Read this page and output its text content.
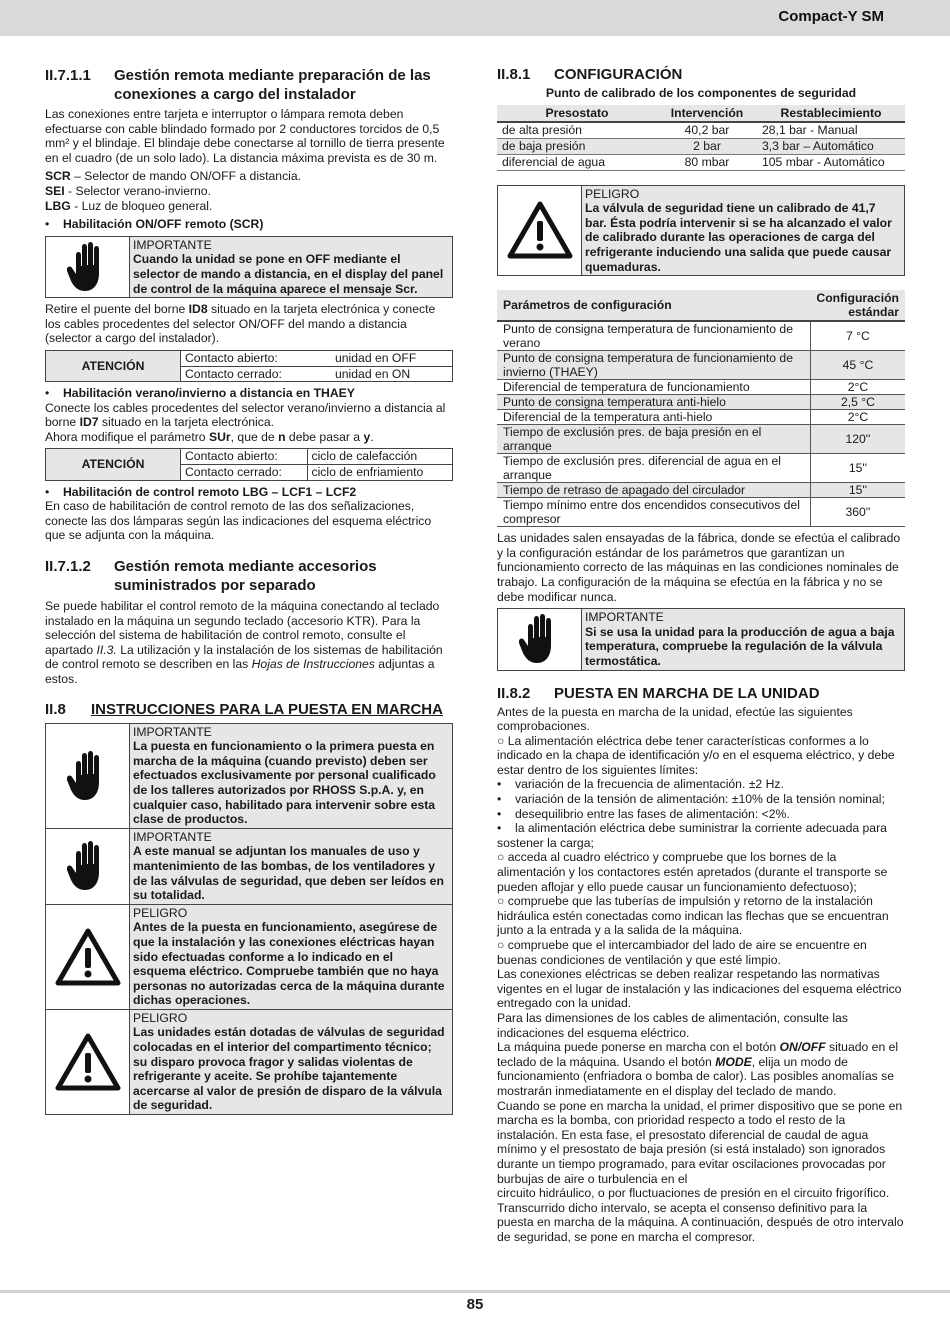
Compact-Y SM
II.7.1.1	Gestión remota mediante preparación de las conexiones a cargo del instalador

Las conexiones entre tarjeta e interruptor o lámpara remota deben efectuarse con cable blindado formado por 2 conductores torcidos de 0,5 mm² y el blindaje. El blindaje debe conectarse al tornillo de tierra presente en el cuadro (de un solo lado). La distancia máxima prevista es de 30 m.

SCR – Selector de mando ON/OFF a distancia.

SEI - Selector verano-invierno.

LBG - Luz de bloqueo general.

•	Habilitación ON/OFF remoto (SCR)
IMPORTANTE
Cuando la unidad se pone en OFF mediante el selector de mando a distancia, en el display del panel de control de la máquina aparece el mensaje Scr.

Retire el puente del borne ID8 situado en la tarjeta electrónica y conecte los cables procedentes del selector ON/OFF del mando a distancia (selector a cargo del instalador).

ATENCIÓN
Contacto abierto:	unidad en OFF
Contacto cerrado:	unidad en ON
•	Habilitación verano/invierno a distancia en THAEY

Conecte los cables procedentes del selector verano/invierno a distancia al borne ID7 situado en la tarjeta electrónica.

Ahora modifique el parámetro SUr, que de n debe pasar a y.

ATENCIÓN
Contacto abierto:	ciclo de calefacción
Contacto cerrado:	ciclo de enfriamiento
•	Habilitación de control remoto LBG – LCF1 – LCF2

En caso de habilitación de control remoto de las dos señalizaciones, conecte las dos lámparas según las indicaciones del esquema eléctrico que se adjunta con la máquina.

II.7.1.2	Gestión remota mediante accesorios suministrados por separado

Se puede habilitar el control remoto de la máquina conectando al teclado instalado en la máquina un segundo teclado (accesorio KTR). Para la selección del sistema de habilitación de control remoto, consulte el apartado II.3. La utilización y la instalación de los sistemas de habilitación de control remoto se describen en las Hojas de Instrucciones adjuntas a estos.

II.8	INSTRUCCIONES PARA LA PUESTA EN MARCHA
IMPORTANTE
La puesta en funcionamiento o la primera puesta en marcha de la máquina (cuando previsto) deben ser efectuados exclusivamente por personal cualificado de los talleres autorizados por RHOSS S.p.A. y, en cualquier caso, habilitado para intervenir sobre esta clase de productos.
IMPORTANTE
A este manual se adjuntan los manuales de uso y mantenimiento de las bombas, de los ventiladores y de las válvulas de seguridad, que deben ser leídos en su totalidad.
PELIGRO
Antes de la puesta en funcionamiento, asegúrese de que la instalación y las conexiones eléctricas hayan sido efectuadas conforme a lo indicado en el esquema eléctrico. Compruebe también que no haya personas no autorizadas cerca de la máquina durante dichas operaciones.
PELIGRO
Las unidades están dotadas de válvulas de seguridad colocadas en el interior del compartimento técnico; su disparo provoca fragor y salidas violentas de refrigerante y aceite. Se prohíbe tajantemente acercarse al valor de presión de disparo de la válvula de seguridad.
II.8.1	CONFIGURACIÓN
Punto de calibrado de los componentes de seguridad
Presostato	Intervención	Restablecimiento
de alta presión	40,2 bar	28,1 bar - Manual
de baja presión	2 bar	3,3 bar – Automático
diferencial de agua	80 mbar	105 mbar - Automático
PELIGRO
La válvula de seguridad tiene un calibrado de 41,7 bar. Ésta podría intervenir si se ha alcanzado el valor de calibrado durante las operaciones de carga del refrigerante induciendo una salida que puede causar quemaduras.
Parámetros de configuración	Configuración estándar
Punto de consigna temperatura de funcionamiento de verano	7 °C
Punto de consigna temperatura de funcionamiento de invierno (THAEY)	45 °C
Diferencial de temperatura de funcionamiento	2°C
Punto de consigna temperatura anti-hielo	2,5 °C
Diferencial de la temperatura anti-hielo	2°C
Tiempo de exclusión pres. de baja presión en el arranque	120''
Tiempo de exclusión pres. diferencial de agua en el arranque	15''
Tiempo de retraso de apagado del circulador	15''
Tiempo mínimo entre dos encendidos consecutivos del compresor	360''

Las unidades salen ensayadas de la fábrica, donde se efectúa el calibrado y la configuración estándar de los parámetros que garantizan un funcionamiento correcto de las máquinas en las condiciones nominales de trabajo. La configuración de la máquina se efectúa en la fábrica y no se debe modificar nunca.

IMPORTANTE
Si se usa la unidad para la producción de agua a baja temperatura, compruebe la regulación de la válvula termostática.
II.8.2	PUESTA EN MARCHA DE LA UNIDAD

Antes de la puesta en marcha de la unidad, efectúe las siguientes comprobaciones.

○ La alimentación eléctrica debe tener características conformes a lo indicado en la chapa de identificación y/o en el esquema eléctrico, y debe estar dentro de los siguientes límites:

•	variación de la frecuencia de alimentación. ±2 Hz.
•	variación de la tensión de alimentación: ±10% de la tensión nominal;
•	desequilibrio entre las fases de alimentación: <2%.
• la alimentación eléctrica debe suministrar la corriente adecuada para sostener la carga;

○ acceda al cuadro eléctrico y compruebe que los bornes de la alimentación y los contactores estén apretados (durante el transporte se pueden aflojar y ello puede causar un funcionamiento defectuoso);

○ compruebe que las tuberías de impulsión y retorno de la instalación hidráulica estén conectadas como indican las flechas que se encuentran junto a la entrada y a la salida de la máquina.

○ compruebe que el intercambiador del lado de aire se encuentre en buenas condiciones de ventilación y que esté limpio.

Las conexiones eléctricas se deben realizar respetando las normativas vigentes en el lugar de instalación y las indicaciones del esquema eléctrico entregado con la unidad.

Para las dimensiones de los cables de alimentación, consulte las indicaciones del esquema eléctrico.

La máquina puede ponerse en marcha con el botón ON/OFF situado en el teclado de la máquina. Usando el botón MODE, elija un modo de funcionamiento (enfriadora o bomba de calor). Las posibles anomalías se mostrarán inmediatamente en el display del teclado de mando.

Cuando se pone en marcha la unidad, el primer dispositivo que se pone en marcha es la bomba, con prioridad respecto a todo el resto de la instalación. En esta fase, el presostato diferencial de caudal de agua mínimo y el presostato de baja presión (si está instalado) son ignorados durante un tiempo programado, para evitar oscilaciones provocadas por burbujas de aire o turbulencia en el

circuito hidráulico, o por fluctuaciones de presión en el circuito frigorífico. Transcurrido dicho intervalo, se acepta el consenso definitivo para la puesta en marcha de la máquina. A continuación, después de otro intervalo de seguridad, se pone en marcha el compresor.

85
